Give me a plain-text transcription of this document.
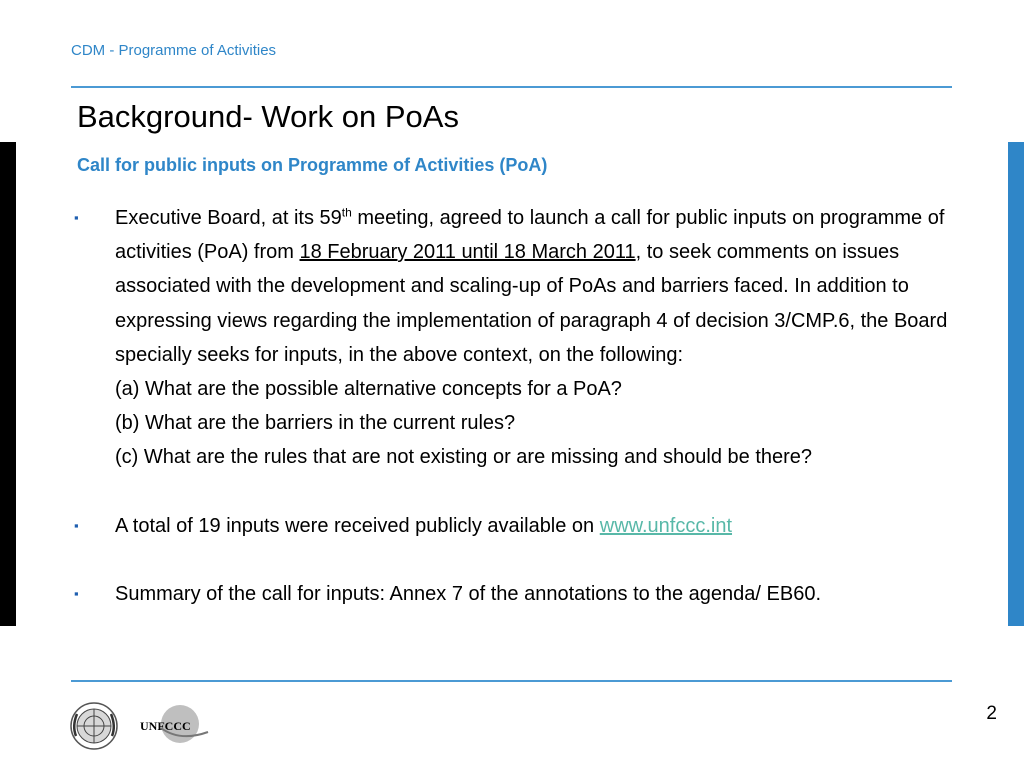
CDM - Programme of Activities
Background- Work on PoAs
Call for public inputs on Programme of Activities (PoA)
▪ Executive Board, at its 59th meeting, agreed to launch a call for public inputs on programme of activities (PoA) from 18 February 2011 until 18 March 2011, to seek comments on issues associated with the development and scaling-up of PoAs and barriers faced. In addition to expressing views regarding the implementation of paragraph 4 of decision 3/CMP.6, the Board specially seeks for inputs, in the above context, on the following:
(a) What are the possible alternative concepts for a PoA?
(b) What are the barriers in the current rules?
(c) What are the rules that are not existing or are missing and should be there?
▪ A total of 19 inputs were received publicly available on www.unfccc.int
▪ Summary of the call for inputs: Annex 7 of the annotations to the agenda/ EB60.
UNFCCC
2
